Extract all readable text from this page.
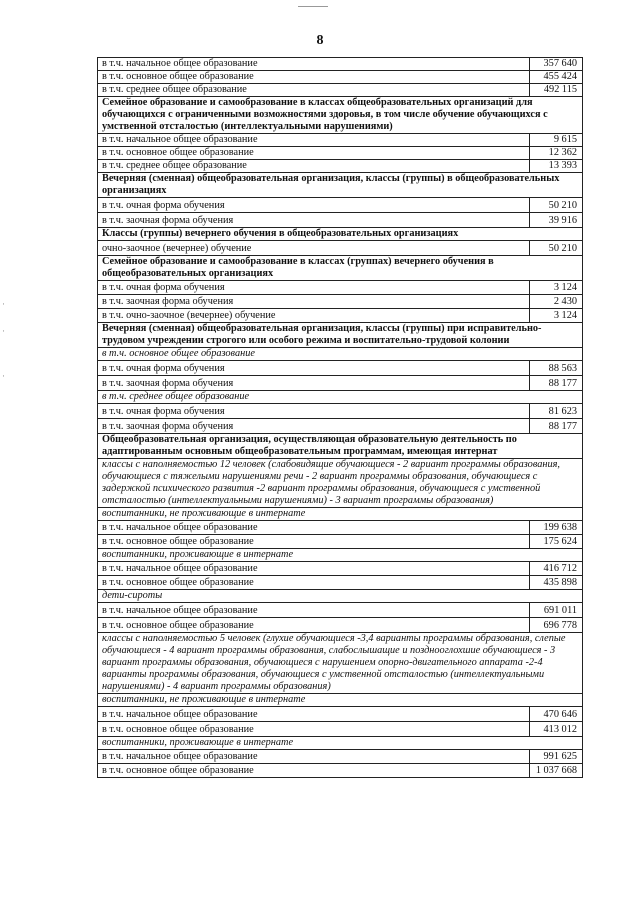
8
·

·

·
в т.ч. начальное общее образование	357 640
в т.ч. основное общее образование	455 424
в т.ч. среднее общее образование	492 115
Семейное образование и самообразование в классах общеобразовательных организаций для обучающихся с ограниченными возможностями здоровья, в том числе обучение обучающихся с умственной отсталостью (интеллектуальными нарушениями)	
в т.ч. начальное общее образование	9 615
в т.ч. основное общее образование	12 362
в т.ч. среднее общее образование	13 393
Вечерняя (сменная) общеобразовательная организация, классы (группы) в общеобразовательных организациях	
в т.ч. очная форма обучения	50 210
в т.ч. заочная форма обучения	39 916
Классы (группы) вечернего обучения в общеобразовательных организациях	
очно-заочное (вечернее) обучение	50 210
Семейное образование и самообразование в классах (группах) вечернего обучения в общеобразовательных организациях	
в т.ч. очная форма обучения	3 124
в т.ч. заочная форма обучения	2 430
в т.ч. очно-заочное (вечернее) обучение	3 124
Вечерняя (сменная) общеобразовательная организация, классы (группы) при исправительно-трудовом учреждении строгого или особого режима и воспитательно-трудовой колонии	
в т.ч. основное общее образование	
в т.ч. очная форма обучения	88 563
в т.ч. заочная форма обучения	88 177
в т.ч. среднее общее образование	
в т.ч. очная форма обучения	81 623
в т.ч. заочная форма обучения	88 177
Общеобразовательная организация, осуществляющая образовательную деятельность по адаптированным основным общеобразовательным программам, имеющая интернат	
классы с наполняемостью 12 человек (слабовидящие обучающиеся - 2 вариант программы образования, обучающиеся с тяжелыми нарушениями речи - 2 вариант программы образования, обучающиеся с задержкой психического развития -2 вариант программы образования, обучающиеся с умственной отсталостью (интеллектуальными нарушениями) - 3 вариант программы образования)	
воспитанники, не проживающие в интернате	
в т.ч. начальное общее образование	199 638
в т.ч. основное общее образование	175 624
воспитанники, проживающие в интернате	
в т.ч. начальное общее образование	416 712
в т.ч. основное общее образование	435 898
дети-сироты	
в т.ч. начальное общее образование	691 011
в т.ч. основное общее образование	696 778
классы с наполняемостью 5 человек (глухие обучающиеся -3,4 варианты программы образования, слепые обучающиеся - 4 вариант программы образования, слабослышащие и позднооглохшие обучающиеся - 3 вариант программы образования, обучающиеся с нарушением опорно-двигательного аппарата -2-4 варианты программы образования, обучающиеся с умственной отсталостью (интеллектуальными нарушениями) - 4 вариант программы образования)	
воспитанники, не проживающие в интернате	
в т.ч. начальное общее образование	470 646
в т.ч. основное общее образование	413 012
воспитанники, проживающие в интернате	
в т.ч. начальное общее образование	991 625
в т.ч. основное общее образование	1 037 668
